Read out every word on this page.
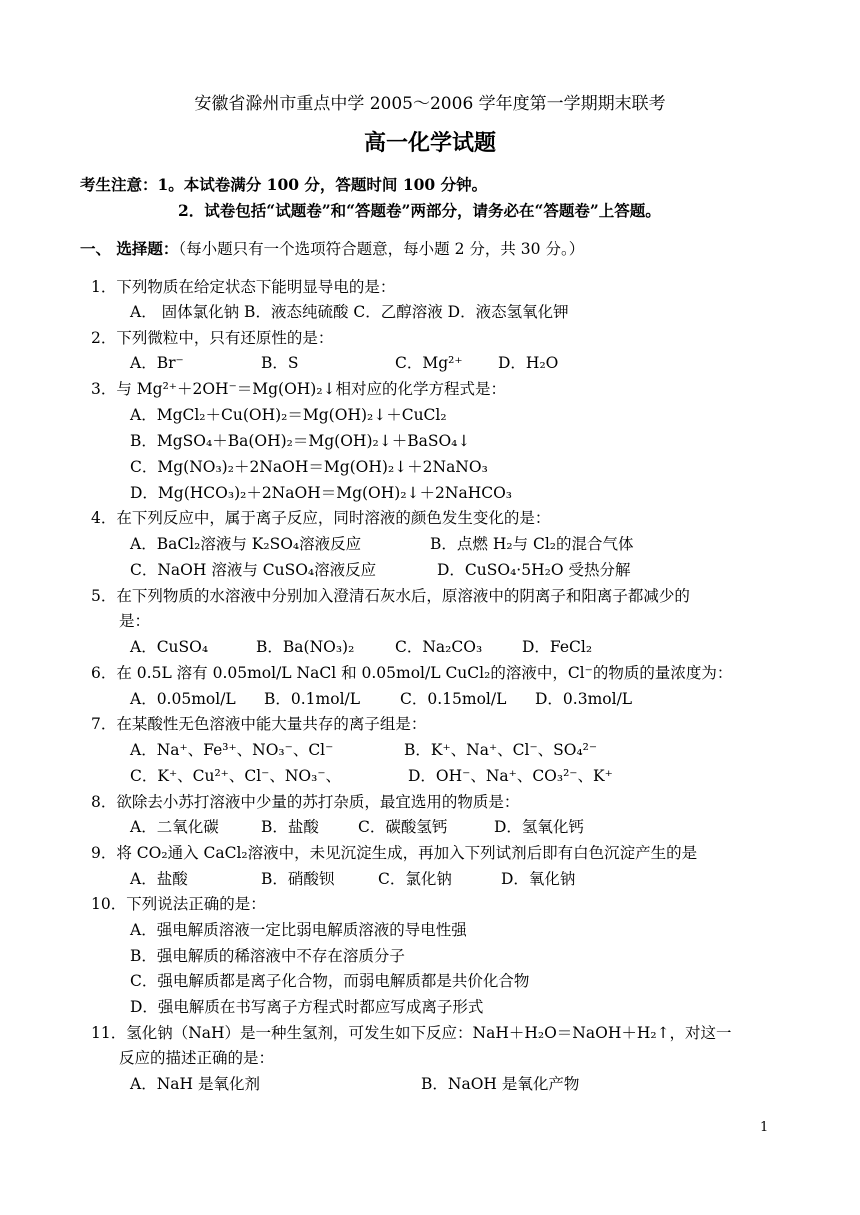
安徽省滁州市重点中学 2005～2006 学年度第一学期期末联考
高一化学试题
考生注意：1。本试卷满分 100 分，答题时间 100 分钟。
2．试卷包括“试题卷”和“答题卷”两部分，请务必在“答题卷”上答题。
一、 选择题：（每小题只有一个选项符合题意，每小题 2 分，共 30 分。）
1．下列物质在给定状态下能明显导电的是：
A． 固体氯化钠 B．液态纯硫酸 C．乙醇溶液 D．液态氢氧化钾
2．下列微粒中，只有还原性的是：
A．Br⁻	B．S	C．Mg²⁺ D．H₂O
3．与 Mg²⁺＋2OH⁻＝Mg(OH)₂↓相对应的化学方程式是：
A．MgCl₂＋Cu(OH)₂＝Mg(OH)₂↓＋CuCl₂
B．MgSO₄＋Ba(OH)₂＝Mg(OH)₂↓＋BaSO₄↓
C．Mg(NO₃)₂＋2NaOH＝Mg(OH)₂↓＋2NaNO₃
D．Mg(HCO₃)₂＋2NaOH＝Mg(OH)₂↓＋2NaHCO₃
4．在下列反应中，属于离子反应，同时溶液的颜色发生变化的是：
A．BaCl₂溶液与 K₂SO₄溶液反应	B．点燃 H₂与 Cl₂的混合气体
C．NaOH 溶液与 CuSO₄溶液反应	D．CuSO₄·5H₂O 受热分解
5．在下列物质的水溶液中分别加入澄清石灰水后，原溶液中的阴离子和阳离子都减少的
是：
A．CuSO₄	B．Ba(NO₃)₂	C．Na₂CO₃	D．FeCl₂
6．在 0.5L 溶有 0.05mol/L NaCl 和 0.05mol/L CuCl₂的溶液中，Cl⁻的物质的量浓度为：
A．0.05mol/L B．0.1mol/L	C．0.15mol/L D．0.3mol/L
7．在某酸性无色溶液中能大量共存的离子组是：
A．Na⁺、Fe³⁺、NO₃⁻、Cl⁻	B．K⁺、Na⁺、Cl⁻、SO₄²⁻
C．K⁺、Cu²⁺、Cl⁻、NO₃⁻、	D．OH⁻、Na⁺、CO₃²⁻、K⁺
8．欲除去小苏打溶液中少量的苏打杂质，最宜选用的物质是：
A．二氧化碳	B．盐酸	C．碳酸氢钙	D．氢氧化钙
9．将 CO₂通入 CaCl₂溶液中，未见沉淀生成，再加入下列试剂后即有白色沉淀产生的是
A．盐酸	B．硝酸钡	C．氯化钠	D．氧化钠
10．下列说法正确的是：
A．强电解质溶液一定比弱电解质溶液的导电性强
B．强电解质的稀溶液中不存在溶质分子
C．强电解质都是离子化合物，而弱电解质都是共价化合物
D．强电解质在书写离子方程式时都应写成离子形式
11．氢化钠（NaH）是一种生氢剂，可发生如下反应：NaH＋H₂O＝NaOH＋H₂↑，对这一
反应的描述正确的是：
A．NaH 是氧化剂	B．NaOH 是氧化产物
1
